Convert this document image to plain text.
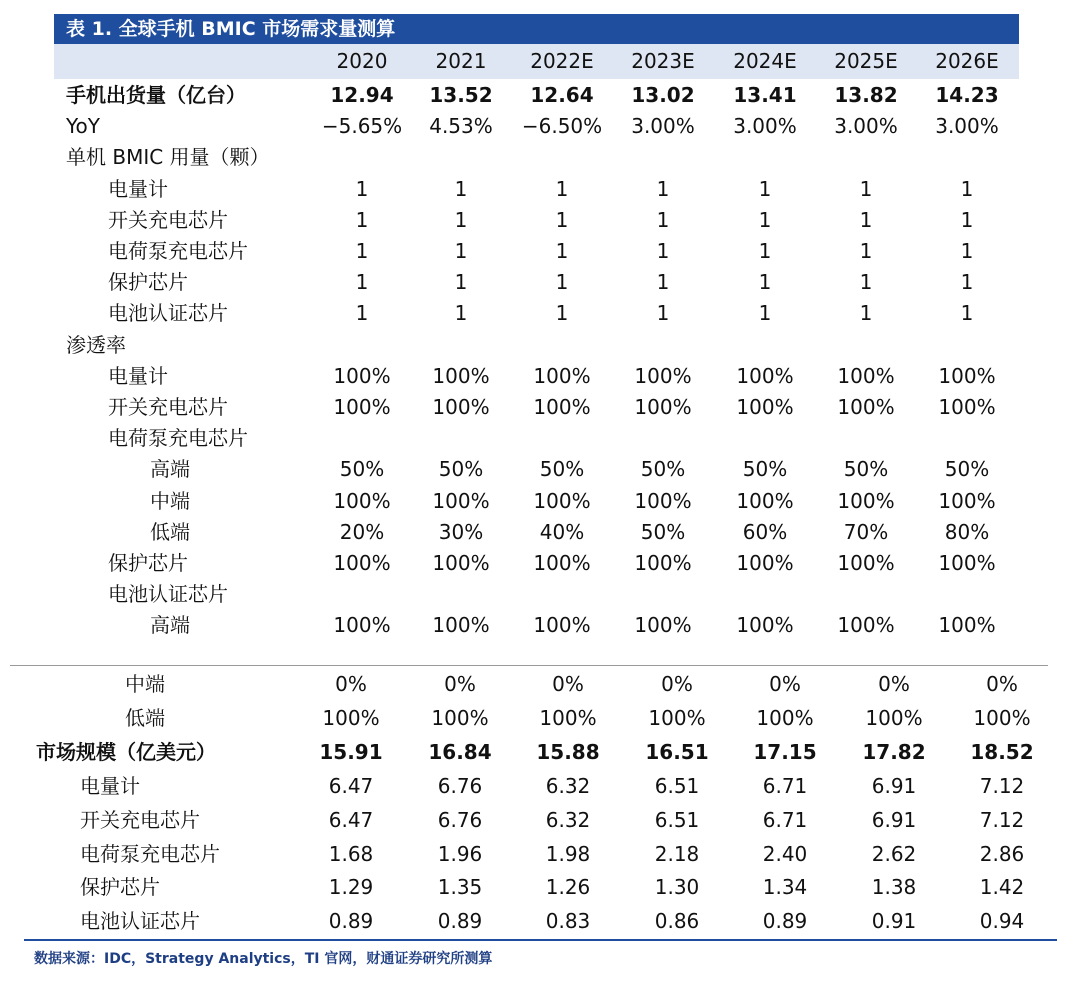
表 1. 全球手机 BMIC 市场需求量测算
2020 2021 2022E 2023E 2024E 2025E 2026E
手机出货量（亿台）	12.94 13.52 12.64 13.02 13.41 13.82 14.23
YoY	−5.65% 4.53% −6.50% 3.00% 3.00% 3.00% 3.00%
单机 BMIC 用量（颗）
电量计	1	1	1	1	1	1	1
开关充电芯片	1	1	1	1	1	1	1
电荷泵充电芯片	1	1	1	1	1	1	1
保护芯片	1	1	1	1	1	1	1
电池认证芯片	1	1	1	1	1	1	1
渗透率
电量计	100% 100% 100% 100% 100% 100% 100%
开关充电芯片	100% 100% 100% 100% 100% 100% 100%
电荷泵充电芯片
高端	50%	50%	50%	50%	50%	50%	50%
中端	100% 100% 100% 100% 100% 100% 100%
低端	20%	30%	40%	50%	60%	70%	80%
保护芯片	100% 100% 100% 100% 100% 100% 100%
电池认证芯片
高端	100% 100% 100% 100% 100% 100% 100%
中端	0%	0%	0%	0%	0%	0%	0%
低端	100%	100%	100%	100%	100%	100%	100%
市场规模（亿美元）	15.91 16.84 15.88 16.51 17.15 17.82 18.52
电量计	6.47	6.76	6.32	6.51	6.71	6.91	7.12
开关充电芯片	6.47	6.76	6.32	6.51	6.71	6.91	7.12
电荷泵充电芯片	1.68	1.96	1.98	2.18	2.40	2.62	2.86
保护芯片	1.29	1.35	1.26	1.30	1.34	1.38	1.42
电池认证芯片	0.89	0.89	0.83	0.86	0.89	0.91	0.94
数据来源：IDC，Strategy Analytics，TI 官网，财通证券研究所测算
